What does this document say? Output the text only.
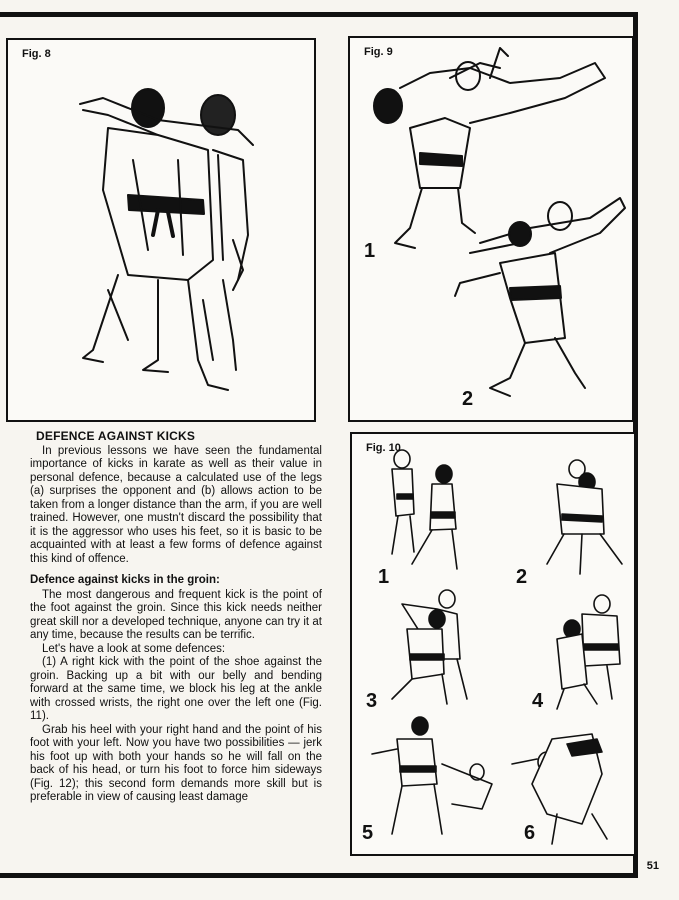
Fig. 8	Fig. 9
1
2
Fig. 10
1	2
3	4
5	6
DEFENCE AGAINST KICKS

In previous lessons we have seen the fundamental importance of kicks in karate as well as their value in personal defence, because a calculated use of the legs (a) surprises the opponent and (b) allows action to be taken from a longer distance than the arm, if you are well trained. However, one mustn't discard the possibility that it is the aggressor who uses his feet, so it is basic to be acquainted with at least a few forms of defence against this kind of offence.

Defence against kicks in the groin:

The most dangerous and frequent kick is the point of the foot against the groin. Since this kick needs neither great skill nor a developed technique, anyone can try it at any time, because the results can be terrific.

Let's have a look at some defences:

(1) A right kick with the point of the shoe against the groin. Backing up a bit with our belly and bending forward at the same time, we block his leg at the ankle with crossed wrists, the right one over the left one (Fig. 11).

Grab his heel with your right hand and the point of his foot with your left. Now you have two possibilities — jerk his foot up with both your hands so he will fall on the back of his head, or turn his foot to force him sideways (Fig. 12); this second form demands more skill but is preferable in view of causing least damage

51
